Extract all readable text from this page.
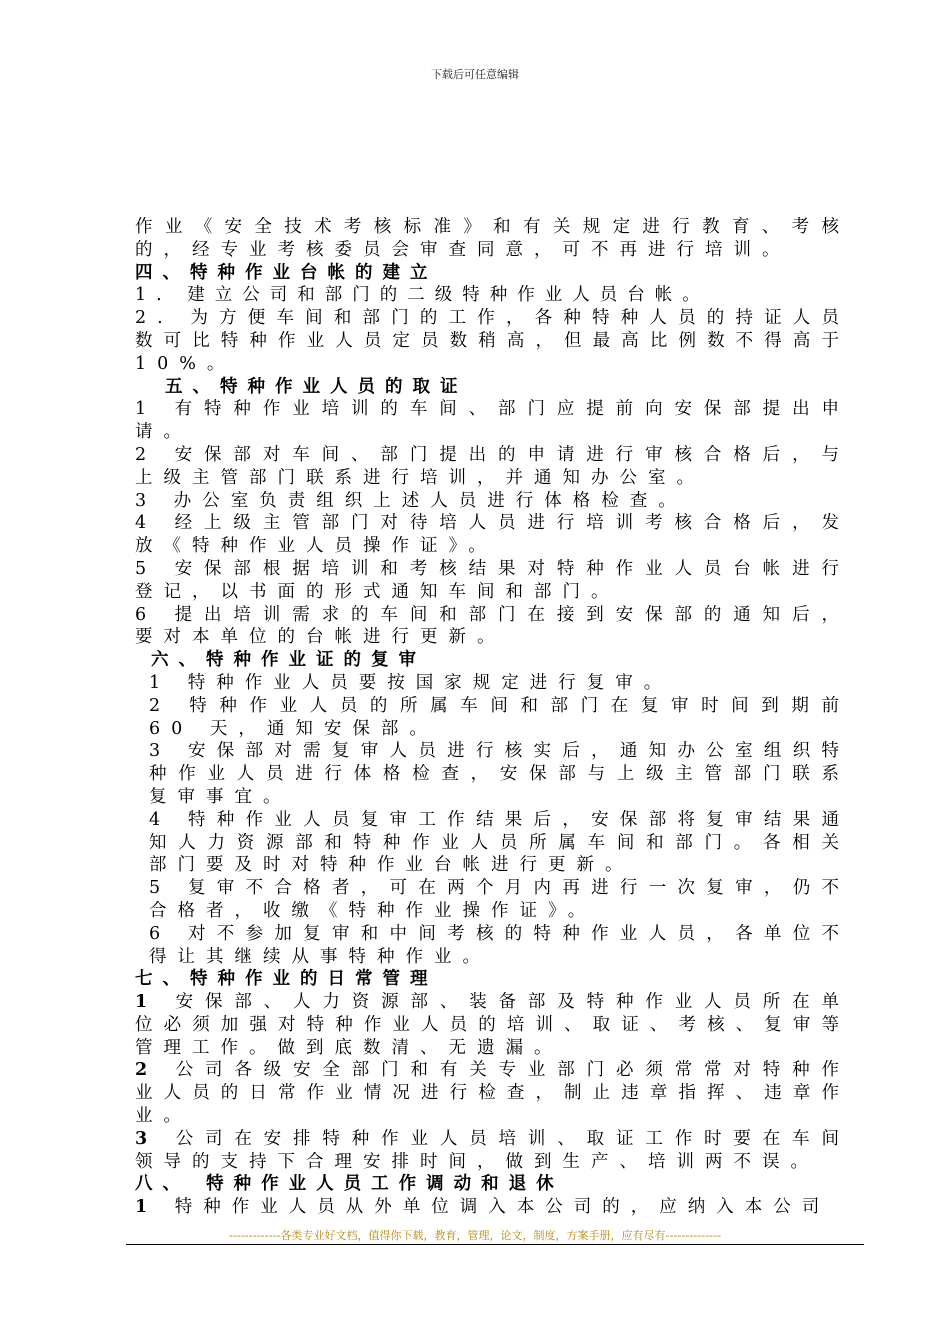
下载后可任意编辑
作业《安全技术考核标准》和有关规定进行教育、考核的，经专业考核委员会审查同意，可不再进行培训。
四、特种作业台帐的建立
1. 建立公司和部门的二级特种作业人员台帐。
2. 为方便车间和部门的工作，各种特种人员的持证人员数可比特种作业人员定员数稍高，但最高比例数不得高于 10%。
五、特种作业人员的取证
1 有特种作业培训的车间、部门应提前向安保部提出申请。
2 安保部对车间、部门提出的申请进行审核合格后，与上级主管部门联系进行培训，并通知办公室。
3 办公室负责组织上述人员进行体格检查。
4 经上级主管部门对待培人员进行培训考核合格后，发放《特种作业人员操作证》。
5 安保部根据培训和考核结果对特种作业人员台帐进行登记，以书面的形式通知车间和部门。
6 提出培训需求的车间和部门在接到安保部的通知后，要对本单位的台帐进行更新。
六、特种作业证的复审
1 特种作业人员要按国家规定进行复审。
2 特种作业人员的所属车间和部门在复审时间到期前 60 天，通知安保部。
3 安保部对需复审人员进行核实后，通知办公室组织特种作业人员进行体格检查，安保部与上级主管部门联系复审事宜。
4 特种作业人员复审工作结果后，安保部将复审结果通知人力资源部和特种作业人员所属车间和部门。各相关部门要及时对特种作业台帐进行更新。
5 复审不合格者，可在两个月内再进行一次复审，仍不合格者，收缴《特种作业操作证》。
6 对不参加复审和中间考核的特种作业人员，各单位不得让其继续从事特种作业。
七、特种作业的日常管理
1 安保部、人力资源部、装备部及特种作业人员所在单位必须加强对特种作业人员的培训、取证、考核、复审等管理工作。做到底数清、无遗漏。
2 公司各级安全部门和有关专业部门必须常常对特种作业人员的日常作业情况进行检查，制止违章指挥、违章作业。
3 公司在安排特种作业人员培训、取证工作时要在车间领导的支持下合理安排时间，做到生产、培训两不误。
八、 特种作业人员工作调动和退休
1 特种作业人员从外单位调入本公司的，应纳入本公司
-------------各类专业好文档，值得你下载，教育，管理，论文，制度，方案手册，应有尽有--------------
